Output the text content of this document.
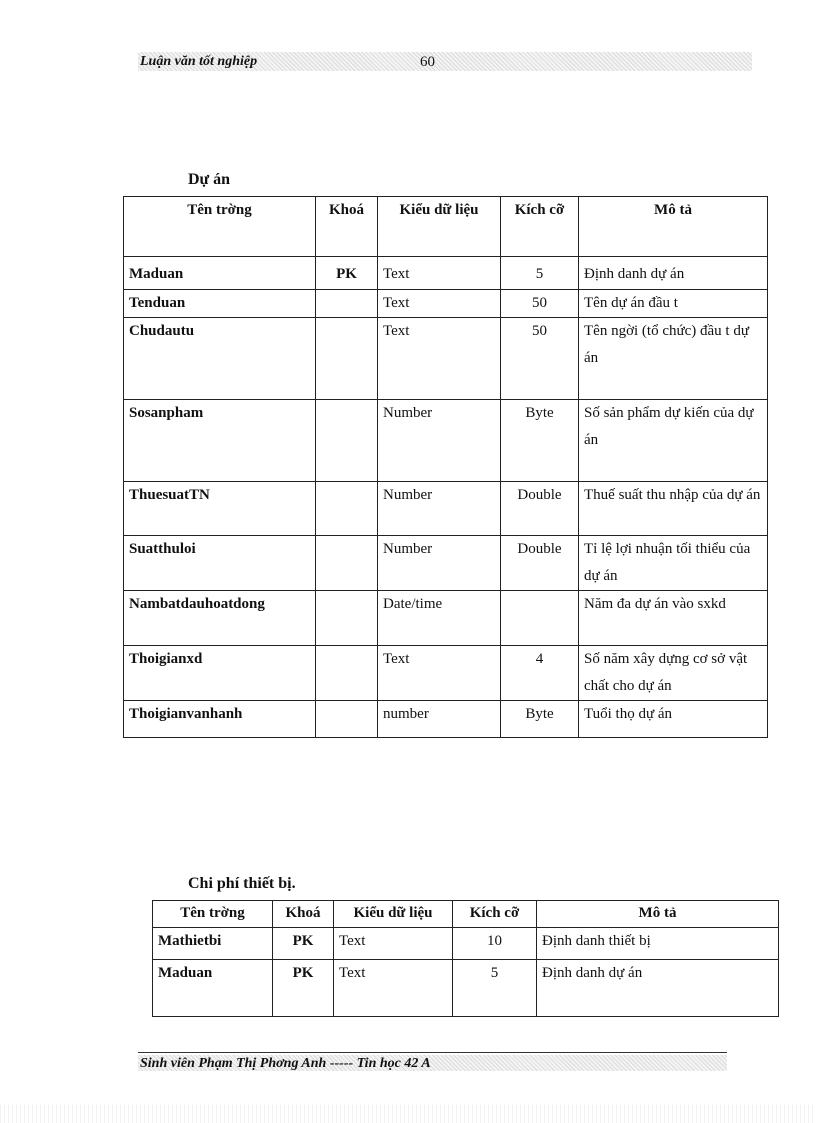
Luận văn tốt nghiệp	60
Dự án
Tên trờng	Khoá	Kiểu dữ liệu	Kích cỡ	Mô tả
Maduan	PK	Text	5	Định danh dự án
Tenduan		Text	50	Tên dự án đầu t
Chudautu		Text	50	Tên ngời (tổ chức) đầu t dự án
Sosanpham		Number	Byte	Số sản phẩm dự kiến của dự án
ThuesuatTN		Number	Double	Thuế suất thu nhập của dự án
Suatthuloi		Number	Double	Tỉ lệ lợi nhuận tối thiểu của dự án
Nambatdauhoatdong		Date/time		Năm đa dự án vào sxkd
Thoigianxd		Text	4	Số năm xây dựng cơ sở vật chất cho dự án
Thoigianvanhanh		number	Byte	Tuổi thọ dự án
Chi phí thiết bị.
Tên trờng	Khoá	Kiểu dữ liệu	Kích cỡ	Mô tả
Mathietbi	PK	Text	10	Định danh thiết bị
Maduan	PK	Text	5	Định danh dự án
Sinh viên Phạm Thị Phơng Anh ----- Tin học 42 A
